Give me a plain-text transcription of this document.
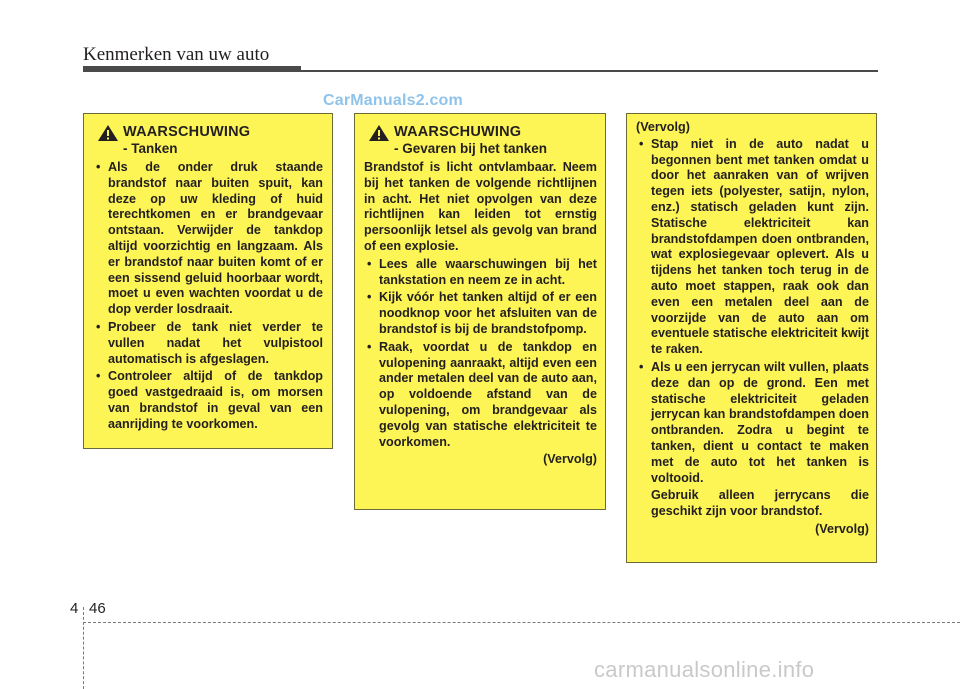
Kenmerken van uw auto
CarManuals2.com
WAARSCHUWING
- Tanken
• Als de onder druk staande brandstof naar buiten spuit, kan deze op uw kleding of huid terechtkomen en er brandgevaar ontstaan. Verwijder de tankdop altijd voorzichtig en langzaam. Als er brandstof naar buiten komt of er een sissend geluid hoorbaar wordt, moet u even wachten voordat u de dop verder losdraait.
• Probeer de tank niet verder te vullen nadat het vulpistool automatisch is afgeslagen.
• Controleer altijd of de tankdop goed vastgedraaid is, om morsen van brandstof in geval van een aanrijding te voorkomen.
WAARSCHUWING
- Gevaren bij het tanken
Brandstof is licht ontvlambaar. Neem bij het tanken de volgende richtlijnen in acht. Het niet opvolgen van deze richtlijnen kan leiden tot ernstig persoonlijk letsel als gevolg van brand of een explosie.
• Lees alle waarschuwingen bij het tankstation en neem ze in acht.
• Kijk vóór het tanken altijd of er een noodknop voor het afsluiten van de brandstof is bij de brandstofpomp.
• Raak, voordat u de tankdop en vulopening aanraakt, altijd even een ander metalen deel van de auto aan, op voldoende afstand van de vulopening, om brandgevaar als gevolg van statische elektriciteit te voorkomen.
(Vervolg)
(Vervolg)
• Stap niet in de auto nadat u begonnen bent met tanken omdat u door het aanraken van of wrijven tegen iets (polyester, satijn, nylon, enz.) statisch geladen kunt zijn. Statische elektriciteit kan brandstofdampen doen ontbranden, wat explosiegevaar oplevert. Als u tijdens het tanken toch terug in de auto moet stappen, raak ook dan even een metalen deel aan de voorzijde van de auto aan om eventuele statische elektriciteit kwijt te raken.
• Als u een jerrycan wilt vullen, plaats deze dan op de grond. Een met statische elektriciteit geladen jerrycan kan brandstofdampen doen ontbranden. Zodra u begint te tanken, dient u contact te maken met de auto tot het tanken is voltooid.
Gebruik alleen jerrycans die geschikt zijn voor brandstof.
(Vervolg)
4 46
carmanualsonline.info
